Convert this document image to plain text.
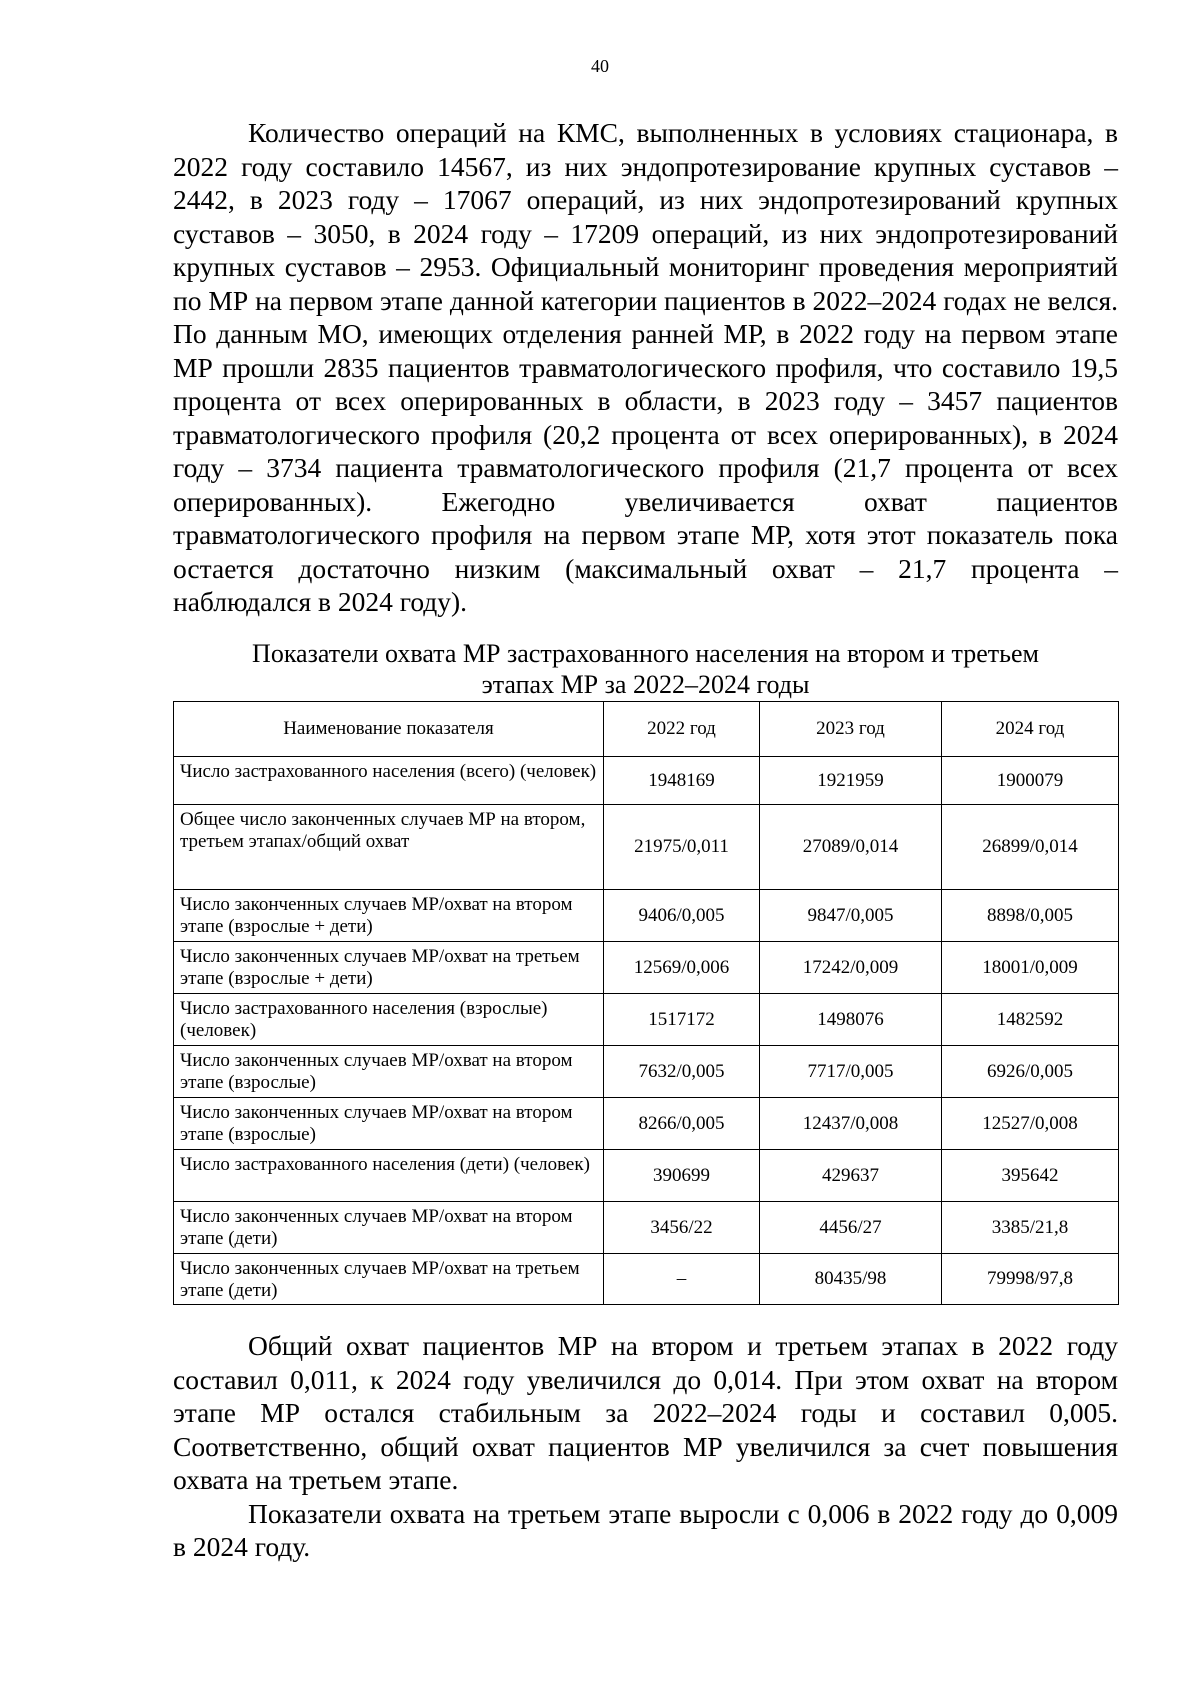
40

Количество операций на КМС, выполненных в условиях стационара, в 2022 году составило 14567, из них эндопротезирование крупных суставов – 2442, в 2023 году – 17067 операций, из них эндопротезирований крупных суставов – 3050, в 2024 году – 17209 операций, из них эндопротезирований крупных суставов – 2953. Официальный мониторинг проведения мероприятий по МР на первом этапе данной категории пациентов в 2022–2024 годах не велся. По данным МО, имеющих отделения ранней МР, в 2022 году на первом этапе МР прошли 2835 пациентов травматологического профиля, что составило 19,5 процента от всех оперированных в области, в 2023 году – 3457 пациентов травматологического профиля (20,2 процента от всех оперированных), в 2024 году – 3734 пациента травматологического профиля (21,7 процента от всех оперированных). Ежегодно увеличивается охват пациентов травматологического профиля на первом этапе МР, хотя этот показатель пока остается достаточно низким (максимальный охват – 21,7 процента – наблюдался в 2024 году).

Показатели охвата МР застрахованного населения на втором и третьем
этапах МР за 2022–2024 годы
Наименование показателя	2022 год	2023 год	2024 год
Число застрахованного населения (всего) (человек)	1948169	1921959	1900079
Общее число законченных случаев МР на втором, третьем этапах/общий охват	21975/0,011	27089/0,014	26899/0,014
Число законченных случаев МР/охват на втором этапе (взрослые + дети)	9406/0,005	9847/0,005	8898/0,005
Число законченных случаев МР/охват на третьем этапе (взрослые + дети)	12569/0,006	17242/0,009	18001/0,009
Число застрахованного населения (взрослые) (человек)	1517172	1498076	1482592
Число законченных случаев МР/охват на втором этапе (взрослые)	7632/0,005	7717/0,005	6926/0,005
Число законченных случаев МР/охват на втором этапе (взрослые)	8266/0,005	12437/0,008	12527/0,008
Число застрахованного населения (дети) (человек)	390699	429637	395642
Число законченных случаев МР/охват на втором этапе (дети)	3456/22	4456/27	3385/21,8
Число законченных случаев МР/охват на третьем этапе (дети)	–	80435/98	79998/97,8

Общий охват пациентов МР на втором и третьем этапах в 2022 году составил 0,011, к 2024 году увеличился до 0,014. При этом охват на втором этапе МР остался стабильным за 2022–2024 годы и составил 0,005. Соответственно, общий охват пациентов МР увеличился за счет повышения охвата на третьем этапе.

Показатели охвата на третьем этапе выросли с 0,006 в 2022 году до 0,009 в 2024 году.
